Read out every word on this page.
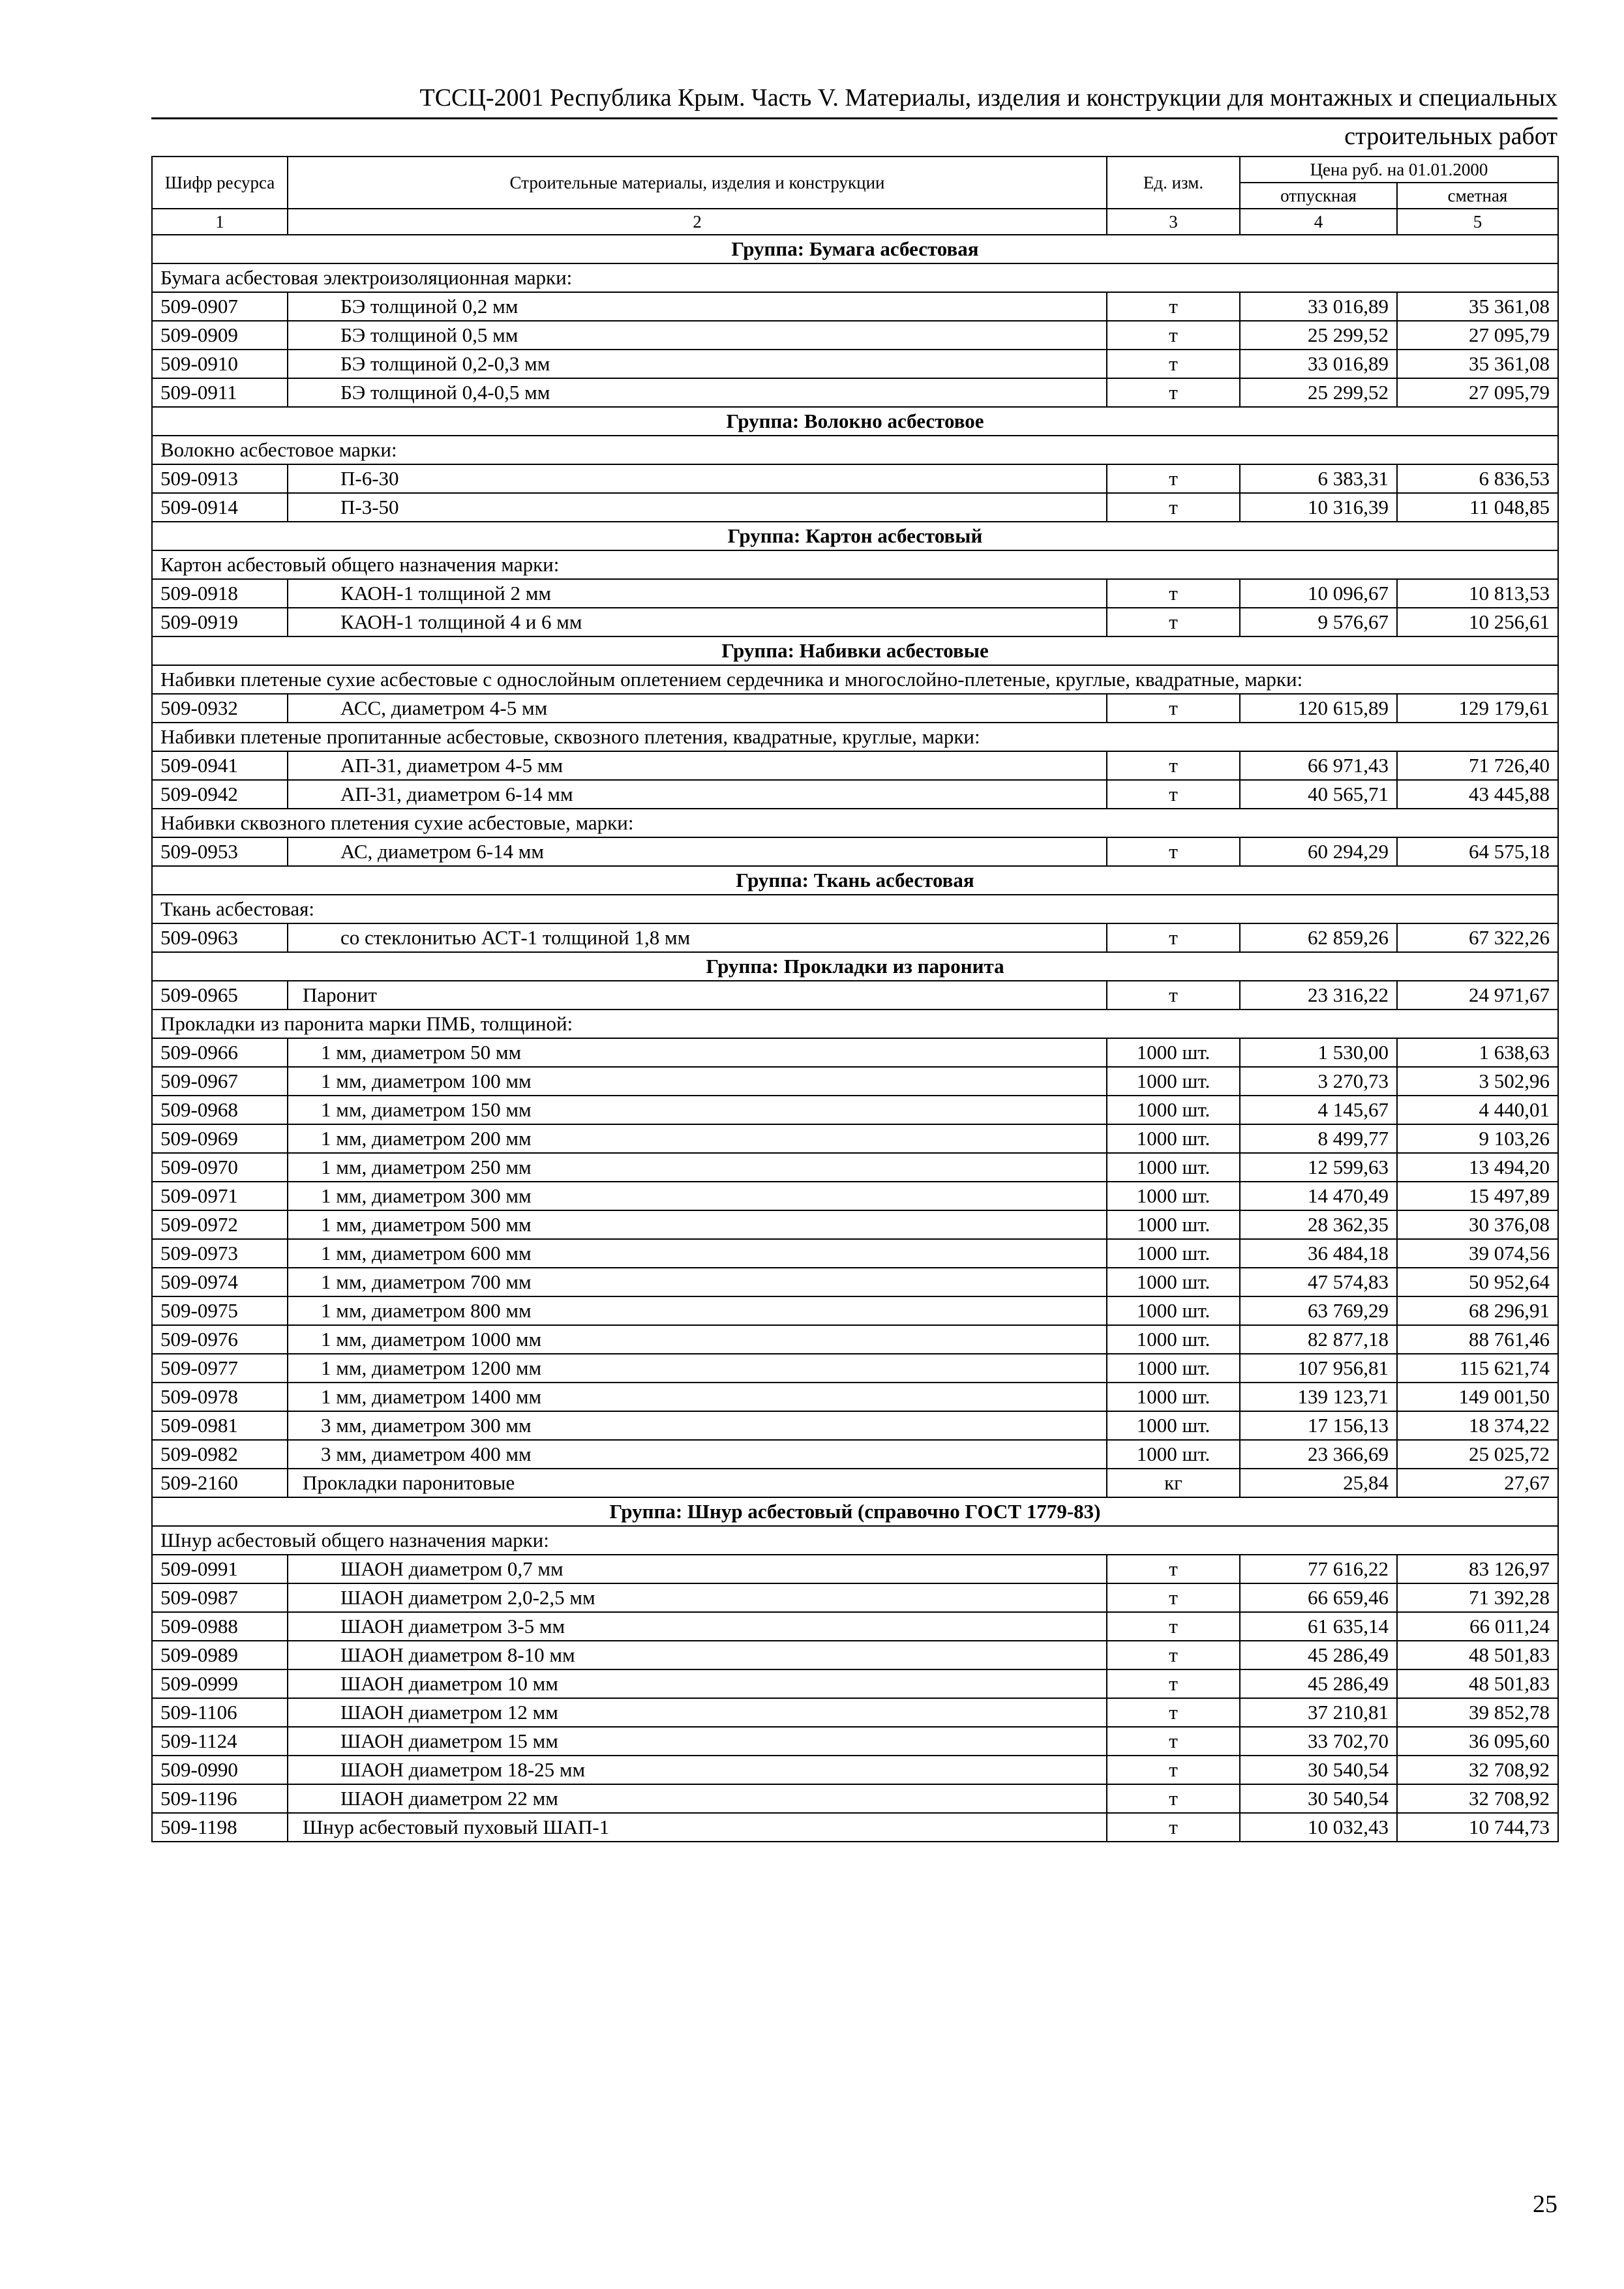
ТССЦ-2001 Республика Крым. Часть V. Материалы, изделия и конструкции для монтажных и специальных
строительных работ
Шифр ресурса	Строительные материалы, изделия и конструкции	Ед. изм.	Цена руб. на 01.01.2000	
			отпускная	сметная
1	2	3	4	5
Группа: Бумага асбестовая				
Бумага асбестовая электроизоляционная марки:				
509-0907	БЭ толщиной 0,2 мм	т	33 016,89	35 361,08
509-0909	БЭ толщиной 0,5 мм	т	25 299,52	27 095,79
509-0910	БЭ толщиной 0,2-0,3 мм	т	33 016,89	35 361,08
509-0911	БЭ толщиной 0,4-0,5 мм	т	25 299,52	27 095,79
Группа: Волокно асбестовое				
Волокно асбестовое марки:				
509-0913	П-6-30	т	6 383,31	6 836,53
509-0914	П-3-50	т	10 316,39	11 048,85
Группа: Картон асбестовый				
Картон асбестовый общего назначения марки:				
509-0918	КАОН-1 толщиной 2 мм	т	10 096,67	10 813,53
509-0919	КАОН-1 толщиной 4 и 6 мм	т	9 576,67	10 256,61
Группа: Набивки асбестовые				
Набивки плетеные сухие асбестовые с однослойным оплетением сердечника и многослойно-плетеные, круглые, квадратные, марки:				
509-0932	АСС, диаметром 4-5 мм	т	120 615,89	129 179,61
Набивки плетеные пропитанные асбестовые, сквозного плетения, квадратные, круглые, марки:				
509-0941	АП-31, диаметром 4-5 мм	т	66 971,43	71 726,40
509-0942	АП-31, диаметром 6-14 мм	т	40 565,71	43 445,88
Набивки сквозного плетения сухие асбестовые, марки:				
509-0953	АС, диаметром 6-14 мм	т	60 294,29	64 575,18
Группа: Ткань асбестовая				
Ткань асбестовая:				
509-0963	со стеклонитью АСТ-1 толщиной 1,8 мм	т	62 859,26	67 322,26
Группа: Прокладки из паронита				
509-0965	Паронит	т	23 316,22	24 971,67
Прокладки из паронита марки ПМБ, толщиной:				
509-0966	1 мм, диаметром 50 мм	1000 шт.	1 530,00	1 638,63
509-0967	1 мм, диаметром 100 мм	1000 шт.	3 270,73	3 502,96
509-0968	1 мм, диаметром 150 мм	1000 шт.	4 145,67	4 440,01
509-0969	1 мм, диаметром 200 мм	1000 шт.	8 499,77	9 103,26
509-0970	1 мм, диаметром 250 мм	1000 шт.	12 599,63	13 494,20
509-0971	1 мм, диаметром 300 мм	1000 шт.	14 470,49	15 497,89
509-0972	1 мм, диаметром 500 мм	1000 шт.	28 362,35	30 376,08
509-0973	1 мм, диаметром 600 мм	1000 шт.	36 484,18	39 074,56
509-0974	1 мм, диаметром 700 мм	1000 шт.	47 574,83	50 952,64
509-0975	1 мм, диаметром 800 мм	1000 шт.	63 769,29	68 296,91
509-0976	1 мм, диаметром 1000 мм	1000 шт.	82 877,18	88 761,46
509-0977	1 мм, диаметром 1200 мм	1000 шт.	107 956,81	115 621,74
509-0978	1 мм, диаметром 1400 мм	1000 шт.	139 123,71	149 001,50
509-0981	3 мм, диаметром 300 мм	1000 шт.	17 156,13	18 374,22
509-0982	3 мм, диаметром 400 мм	1000 шт.	23 366,69	25 025,72
509-2160	Прокладки паронитовые	кг	25,84	27,67
Группа: Шнур асбестовый (справочно ГОСТ 1779-83)				
Шнур асбестовый общего назначения марки:				
509-0991	ШАОН диаметром 0,7 мм	т	77 616,22	83 126,97
509-0987	ШАОН диаметром 2,0-2,5 мм	т	66 659,46	71 392,28
509-0988	ШАОН диаметром 3-5 мм	т	61 635,14	66 011,24
509-0989	ШАОН диаметром 8-10 мм	т	45 286,49	48 501,83
509-0999	ШАОН диаметром 10 мм	т	45 286,49	48 501,83
509-1106	ШАОН диаметром 12 мм	т	37 210,81	39 852,78
509-1124	ШАОН диаметром 15 мм	т	33 702,70	36 095,60
509-0990	ШАОН диаметром 18-25 мм	т	30 540,54	32 708,92
509-1196	ШАОН диаметром 22 мм	т	30 540,54	32 708,92
509-1198	Шнур асбестовый пуховый ШАП-1	т	10 032,43	10 744,73
25
